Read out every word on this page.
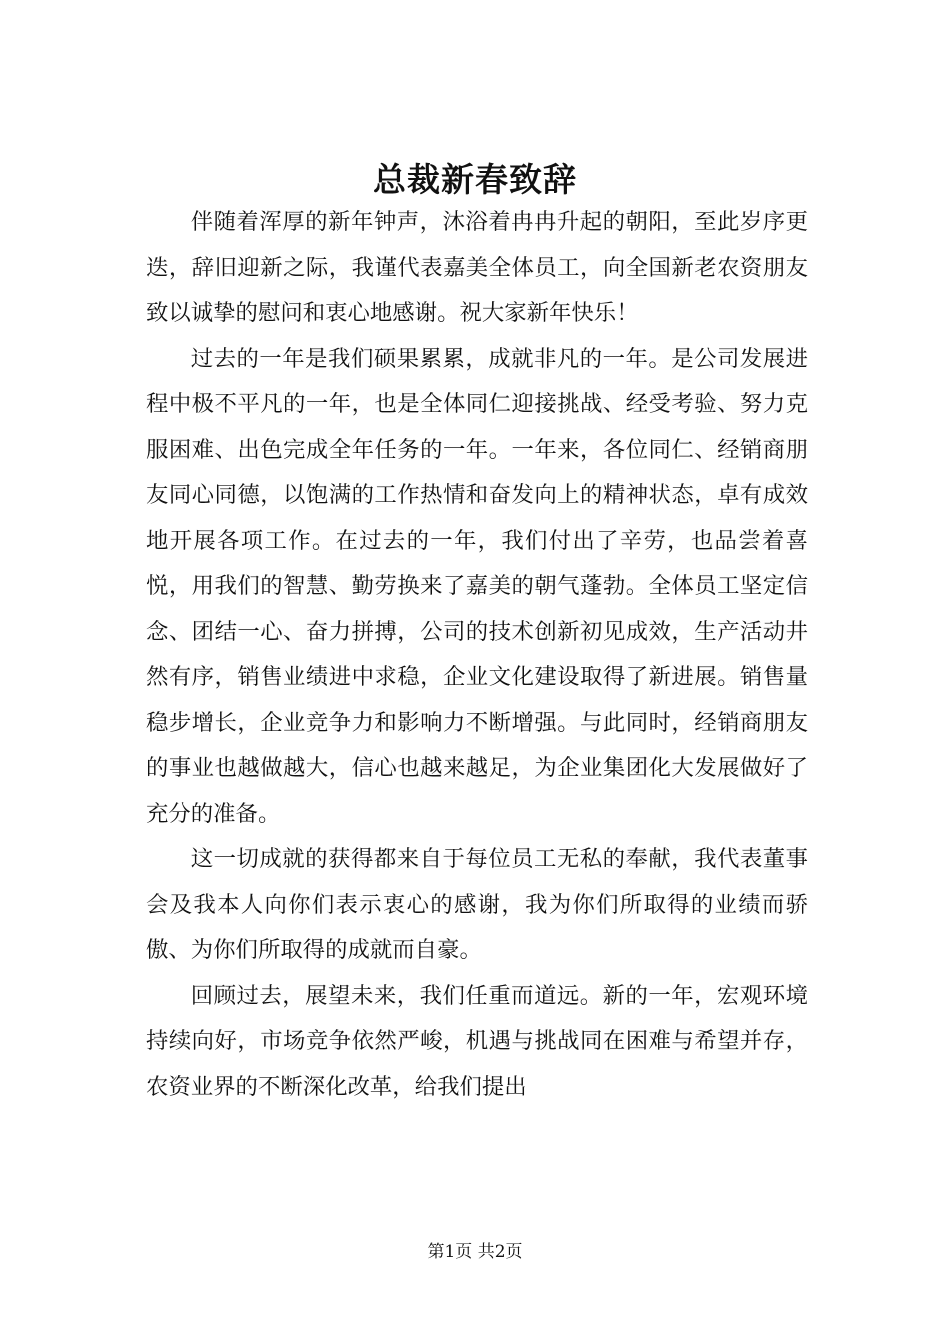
总裁新春致辞

伴随着浑厚的新年钟声，沐浴着冉冉升起的朝阳，至此岁序更迭，辞旧迎新之际，我谨代表嘉美全体员工，向全国新老农资朋友致以诚挚的慰问和衷心地感谢。祝大家新年快乐！

过去的一年是我们硕果累累，成就非凡的一年。是公司发展进程中极不平凡的一年，也是全体同仁迎接挑战、经受考验、努力克服困难、出色完成全年任务的一年。一年来，各位同仁、经销商朋友同心同德，以饱满的工作热情和奋发向上的精神状态，卓有成效地开展各项工作。在过去的一年，我们付出了辛劳，也品尝着喜悦，用我们的智慧、勤劳换来了嘉美的朝气蓬勃。全体员工坚定信念、团结一心、奋力拼搏，公司的技术创新初见成效，生产活动井然有序，销售业绩进中求稳，企业文化建设取得了新进展。销售量稳步增长，企业竞争力和影响力不断增强。与此同时，经销商朋友的事业也越做越大，信心也越来越足，为企业集团化大发展做好了充分的准备。

这一切成就的获得都来自于每位员工无私的奉献，我代表董事会及我本人向你们表示衷心的感谢，我为你们所取得的业绩而骄傲、为你们所取得的成就而自豪。

回顾过去，展望未来，我们任重而道远。新的一年，宏观环境持续向好，市场竞争依然严峻，机遇与挑战同在困难与希望并存，农资业界的不断深化改革，给我们提出

第1页 共2页
